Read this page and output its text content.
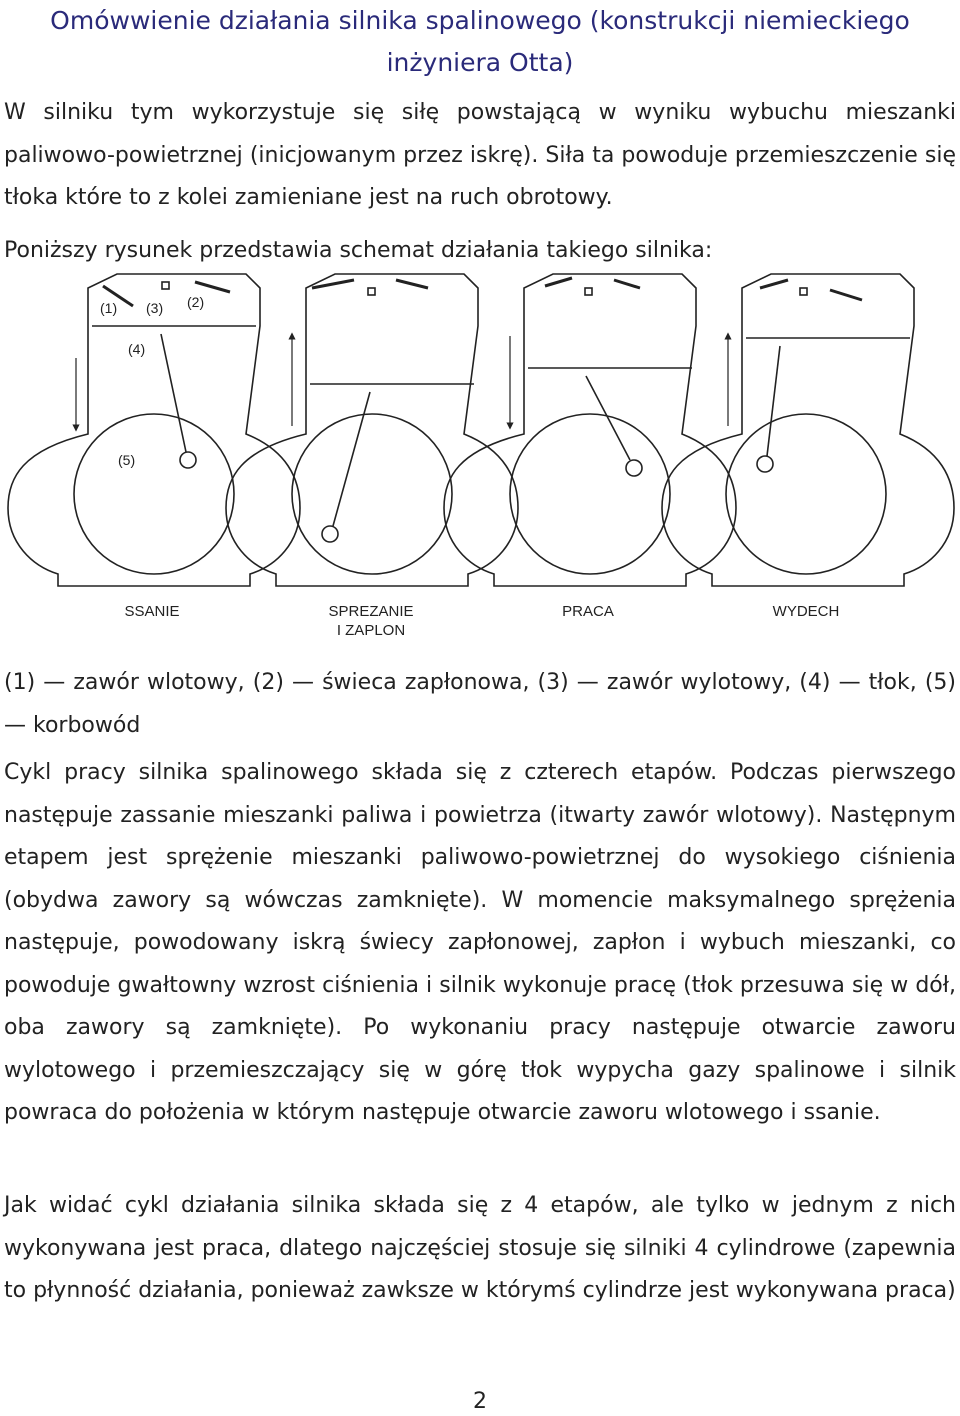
Omówwienie działania silnika spalinowego (konstrukcji niemieckiego inżyniera Otta)

W silniku tym wykorzystuje się siłę powstającą w wyniku wybuchu mieszanki paliwowo-powietrznej (inicjowanym przez iskrę). Siła ta powoduje przemieszczenie się tłoka które to z kolei zamieniane jest na ruch obrotowy.

Poniższy rysunek przedstawia schemat działania takiego silnika:

(1) (3) (2)
(4)
(5)
SSANIE	SPREZANIE
I ZAPLON
PRACA	WYDECH

(1) — zawór wlotowy, (2) — świeca zapłonowa, (3) — zawór wylotowy, (4) — tłok, (5) — korbowód

Cykl pracy silnika spalinowego składa się z czterech etapów. Podczas pierwszego następuje zassanie mieszanki paliwa i powietrza (itwarty zawór wlotowy). Następnym etapem jest sprężenie mieszanki paliwowo-powietrznej do wysokiego ciśnienia (obydwa zawory są wówczas zamknięte). W momencie maksymalnego sprężenia następuje, powodowany iskrą świecy zapłonowej, zapłon i wybuch mieszanki, co powoduje gwałtowny wzrost ciśnienia i silnik wykonuje pracę (tłok przesuwa się w dół, oba zawory są zamknięte). Po wykonaniu pracy następuje otwarcie zaworu wylotowego i przemieszczający się w górę tłok wypycha gazy spalinowe i silnik powraca do położenia w którym następuje otwarcie zaworu wlotowego i ssanie.

Jak widać cykl działania silnika składa się z 4 etapów, ale tylko w jednym z nich wykonywana jest praca, dlatego najczęściej stosuje się silniki 4 cylindrowe (zapewnia to płynność działania, ponieważ zawksze w którymś cylindrze jest wykonywana praca)

2
